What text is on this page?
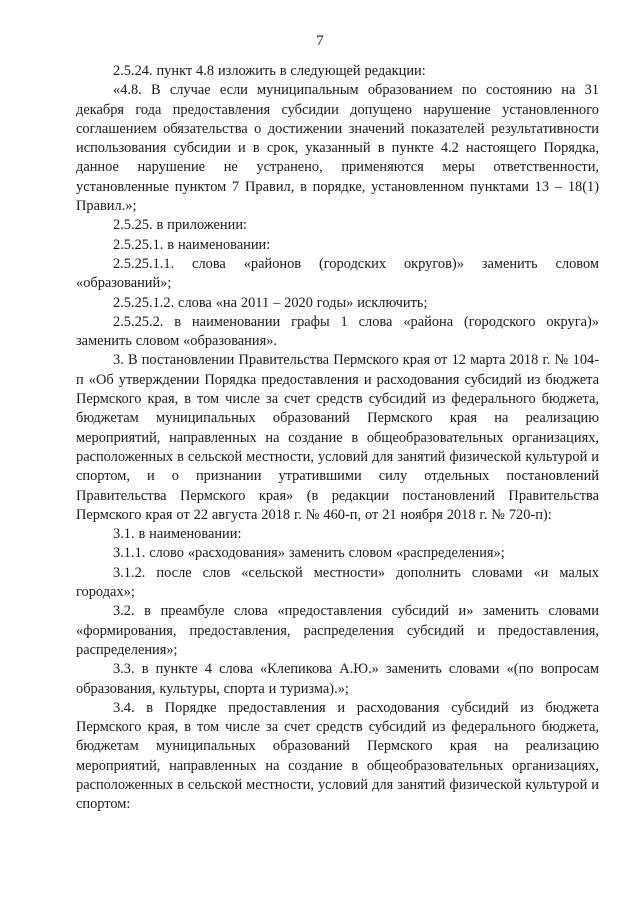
7

2.5.24. пункт 4.8 изложить в следующей редакции:

«4.8. В случае если муниципальным образованием по состоянию на 31 декабря года предоставления субсидии допущено нарушение установленного соглашением обязательства о достижении значений показателей результативности использования субсидии и в срок, указанный в пункте 4.2 настоящего Порядка, данное нарушение не устранено, применяются меры ответственности, установленные пунктом 7 Правил, в порядке, установленном пунктами 13 – 18(1) Правил.»;

2.5.25. в приложении:

2.5.25.1. в наименовании:

2.5.25.1.1. слова «районов (городских округов)» заменить словом «образований»;

2.5.25.1.2. слова «на 2011 – 2020 годы» исключить;

2.5.25.2. в наименовании графы 1 слова «района (городского округа)» заменить словом «образования».

3. В постановлении Правительства Пермского края от 12 марта 2018 г. № 104-п «Об утверждении Порядка предоставления и расходования субсидий из бюджета Пермского края, в том числе за счет средств субсидий из федерального бюджета, бюджетам муниципальных образований Пермского края на реализацию мероприятий, направленных на создание в общеобразовательных организациях, расположенных в сельской местности, условий для занятий физической культурой и спортом, и о признании утратившими силу отдельных постановлений Правительства Пермского края» (в редакции постановлений Правительства Пермского края от 22 августа 2018 г. № 460-п, от 21 ноября 2018 г. № 720-п):

3.1. в наименовании:

3.1.1. слово «расходования» заменить словом «распределения»;

3.1.2. после слов «сельской местности» дополнить словами «и малых городах»;

3.2. в преамбуле слова «предоставления субсидий и» заменить словами «формирования, предоставления, распределения субсидий и предоставления, распределения»;

3.3. в пункте 4 слова «Клепикова А.Ю.» заменить словами «(по вопросам образования, культуры, спорта и туризма).»;

3.4. в Порядке предоставления и расходования субсидий из бюджета Пермского края, в том числе за счет средств субсидий из федерального бюджета, бюджетам муниципальных образований Пермского края на реализацию мероприятий, направленных на создание в общеобразовательных организациях, расположенных в сельской местности, условий для занятий физической культурой и спортом:
